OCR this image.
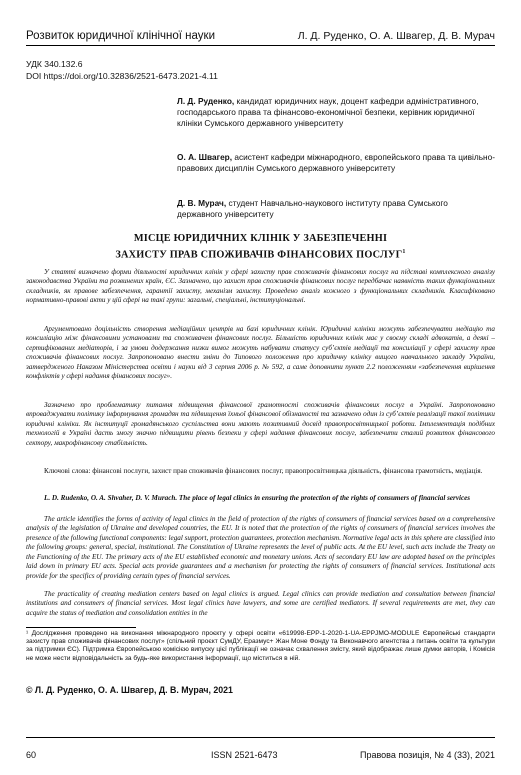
Розвиток юридичної клінічної науки	Л. Д. Руденко, О. А. Швагер, Д. В. Мурач
УДК 340.132.6
DOI https://doi.org/10.32836/2521-6473.2021-4.11
Л. Д. Руденко, кандидат юридичних наук, доцент кафедри адміністративного, господарського права та фінансово-економічної безпеки, керівник юридичної клініки Сумського державного університету
О. А. Швагер, асистент кафедри міжнародного, європейського права та цивільно-правових дисциплін Сумського державного університету
Д. В. Мурач, студент Навчально-наукового інституту права Сумського державного університету
МІСЦЕ ЮРИДИЧНИХ КЛІНІК У ЗАБЕЗПЕЧЕННІ
ЗАХИСТУ ПРАВ СПОЖИВАЧІВ ФІНАНСОВИХ ПОСЛУГ$^1$
У статті визначено форми діяльності юридичних клінік у сфері захисту прав споживачів фінансових послуг на підставі комплексного аналізу законодавства України та розвинених країн, ЄС. Зазначено, що захист прав споживачів фінансових послуг передбачає наявність таких функціональних складників, як правове забезпечення, гарантії захисту, механізм захисту. Проведено аналіз кожного з функціональних складників. Класифіковано нормативно-правові акти у цій сфері на такі групи: загальні, спеціальні, інституціональні.
Аргументовано доцільність створення медіаційних центрів на базі юридичних клінік. Юридичні клініки можуть забезпечувати медіацію та консиліацію між фінансовими установами та споживачем фінансових послуг. Більшість юридичних клінік має у своєму складі адвокатів, а деякі – сертифікованих медіаторів, і за умови додержання низки вимог можуть набувати статусу суб’єктів медіації та консиліації у сфері захисту прав споживачів фінансових послуг. Запропоновано внести зміни до Типового положення про юридичну клініку вищого навчального закладу України, затвердженого Наказом Міністерства освіти і науки від 3 серпня 2006 р. № 592, а саме доповнити пункт 2.2 положенням «забезпечення вирішення конфліктів у сфері надання фінансових послуг».
Зазначено про проблематику питання підвищення фінансової грамотності споживачів фінансових послуг в Україні. Запропоновано впроваджувати політику інформування громадян та підвищення їхньої фінансової обізнаності та зазначено один із суб’єктів реалізації такої політики юридичні клініки. Як інституції громадянського суспільства вони мають позитивний досвід правопросвітницької роботи. Імплементація подібних технологій в Україні дасть змогу значно підвищити рівень безпеки у сфері надання фінансових послуг, забезпечити сталий розвиток фінансового сектору, макрофінансову стабільність.
Ключові слова: фінансові послуги, захист прав споживачів фінансових послуг, правопросвітницька діяльність, фінансова грамотність, медіація.
L. D. Rudenko, O. A. Shvaher, D. V. Murach. The place of legal clinics in ensuring the protection of the rights of consumers of financial services
The article identifies the forms of activity of legal clinics in the field of protection of the rights of consumers of financial services based on a comprehensive analysis of the legislation of Ukraine and developed countries, the EU. It is noted that the protection of the rights of consumers of financial services involves the presence of the following functional components: legal support, protection guarantees, protection mechanism. Normative legal acts in this sphere are classified into the following groups: general, special, institutional. The Constitution of Ukraine represents the level of public acts. At the EU level, such acts include the Treaty on the Functioning of the EU. The primary acts of the EU established economic and monetary unions. Acts of secondary EU law are adopted based on the principles laid down in primary EU acts. Special acts provide guarantees and a mechanism for protecting the rights of consumers of financial services. Institutional acts provide for the specifics of providing certain types of financial services.
The practicality of creating mediation centers based on legal clinics is argued. Legal clinics can provide mediation and consultation between financial institutions and consumers of financial services. Most legal clinics have lawyers, and some are certified mediators. If several requirements are met, they can acquire the status of mediation and consolidation entities in the
¹ Дослідження проведено на виконання міжнародного проєкту у сфері освіти «619998-EPP-1-2020-1-UA-EPPJMO-MODULE Європейські стандарти захисту прав споживачів фінансових послуг» (спільний проєкт СумДУ, Еразмус+ Жан Моне Фонду та Виконавчого агентства з питань освіти та культури за підтримки ЄС). Підтримка Європейською комісією випуску цієї публікації не означає схвалення змісту, який відображає лише думки авторів, і Комісія не може нести відповідальність за будь-яке використання інформації, що міститься в ній.
© Л. Д. Руденко, О. А. Швагер, Д. В. Мурач, 2021
60	ISSN 2521-6473	Правова позиція, № 4 (33), 2021
